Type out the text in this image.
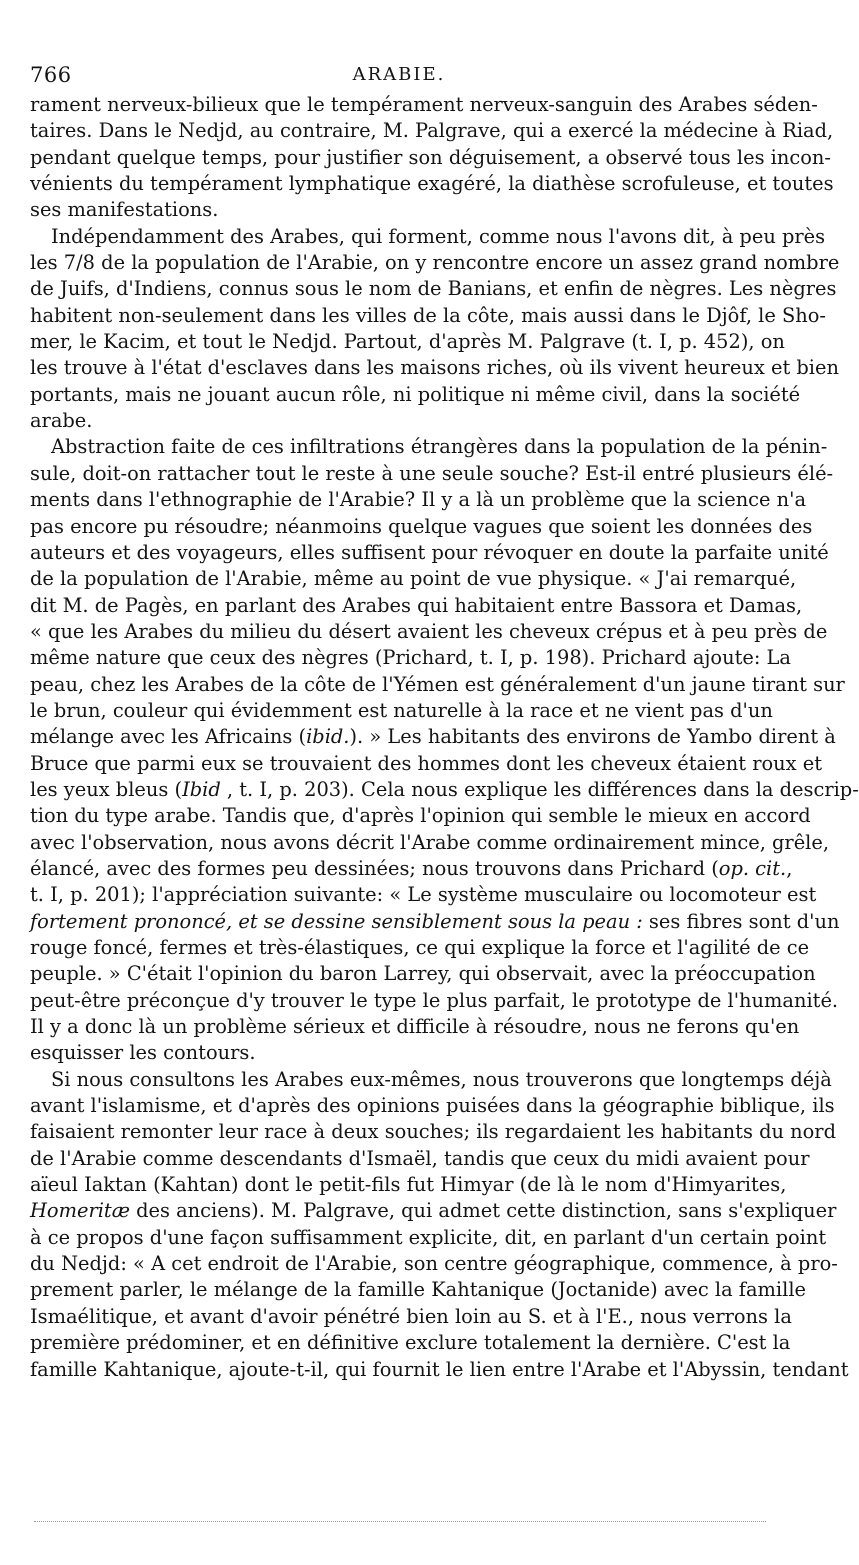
766	ARABIE.
rament nerveux-bilieux que le tempérament nerveux-sanguin des Arabes séden-
taires. Dans le Nedjd, au contraire, M. Palgrave, qui a exercé la médecine à Riad,
pendant quelque temps, pour justifier son déguisement, a observé tous les incon-
vénients du tempérament lymphatique exagéré, la diathèse scrofuleuse, et toutes
ses manifestations.
Indépendamment des Arabes, qui forment, comme nous l'avons dit, à peu près
les 7/8 de la population de l'Arabie, on y rencontre encore un assez grand nombre
de Juifs, d'Indiens, connus sous le nom de Banians, et enfin de nègres. Les nègres
habitent non-seulement dans les villes de la côte, mais aussi dans le Djôf, le Sho-
mer, le Kacim, et tout le Nedjd. Partout, d'après M. Palgrave (t. I, p. 452), on
les trouve à l'état d'esclaves dans les maisons riches, où ils vivent heureux et bien
portants, mais ne jouant aucun rôle, ni politique ni même civil, dans la société
arabe.
Abstraction faite de ces infiltrations étrangères dans la population de la pénin-
sule, doit-on rattacher tout le reste à une seule souche? Est-il entré plusieurs élé-
ments dans l'ethnographie de l'Arabie? Il y a là un problème que la science n'a
pas encore pu résoudre; néanmoins quelque vagues que soient les données des
auteurs et des voyageurs, elles suffisent pour révoquer en doute la parfaite unité
de la population de l'Arabie, même au point de vue physique. « J'ai remarqué,
dit M. de Pagès, en parlant des Arabes qui habitaient entre Bassora et Damas,
« que les Arabes du milieu du désert avaient les cheveux crépus et à peu près de
même nature que ceux des nègres (Prichard, t. I, p. 198). Prichard ajoute: La
peau, chez les Arabes de la côte de l'Yémen est généralement d'un jaune tirant sur
le brun, couleur qui évidemment est naturelle à la race et ne vient pas d'un
mélange avec les Africains (ibid.). » Les habitants des environs de Yambo dirent à
Bruce que parmi eux se trouvaient des hommes dont les cheveux étaient roux et
les yeux bleus (Ibid , t. I, p. 203). Cela nous explique les différences dans la descrip-
tion du type arabe. Tandis que, d'après l'opinion qui semble le mieux en accord
avec l'observation, nous avons décrit l'Arabe comme ordinairement mince, grêle,
élancé, avec des formes peu dessinées; nous trouvons dans Prichard (op. cit.,
t. I, p. 201); l'appréciation suivante: « Le système musculaire ou locomoteur est
fortement prononcé, et se dessine sensiblement sous la peau : ses fibres sont d'un
rouge foncé, fermes et très-élastiques, ce qui explique la force et l'agilité de ce
peuple. » C'était l'opinion du baron Larrey, qui observait, avec la préoccupation
peut-être préconçue d'y trouver le type le plus parfait, le prototype de l'humanité.
Il y a donc là un problème sérieux et difficile à résoudre, nous ne ferons qu'en
esquisser les contours.
Si nous consultons les Arabes eux-mêmes, nous trouverons que longtemps déjà
avant l'islamisme, et d'après des opinions puisées dans la géographie biblique, ils
faisaient remonter leur race à deux souches; ils regardaient les habitants du nord
de l'Arabie comme descendants d'Ismaël, tandis que ceux du midi avaient pour
aïeul Iaktan (Kahtan) dont le petit-fils fut Himyar (de là le nom d'Himyarites,
Homeritæ des anciens). M. Palgrave, qui admet cette distinction, sans s'expliquer
à ce propos d'une façon suffisamment explicite, dit, en parlant d'un certain point
du Nedjd: « A cet endroit de l'Arabie, son centre géographique, commence, à pro-
prement parler, le mélange de la famille Kahtanique (Joctanide) avec la famille
Ismaélitique, et avant d'avoir pénétré bien loin au S. et à l'E., nous verrons la
première prédominer, et en définitive exclure totalement la dernière. C'est la
famille Kahtanique, ajoute-t-il, qui fournit le lien entre l'Arabe et l'Abyssin, tendant
